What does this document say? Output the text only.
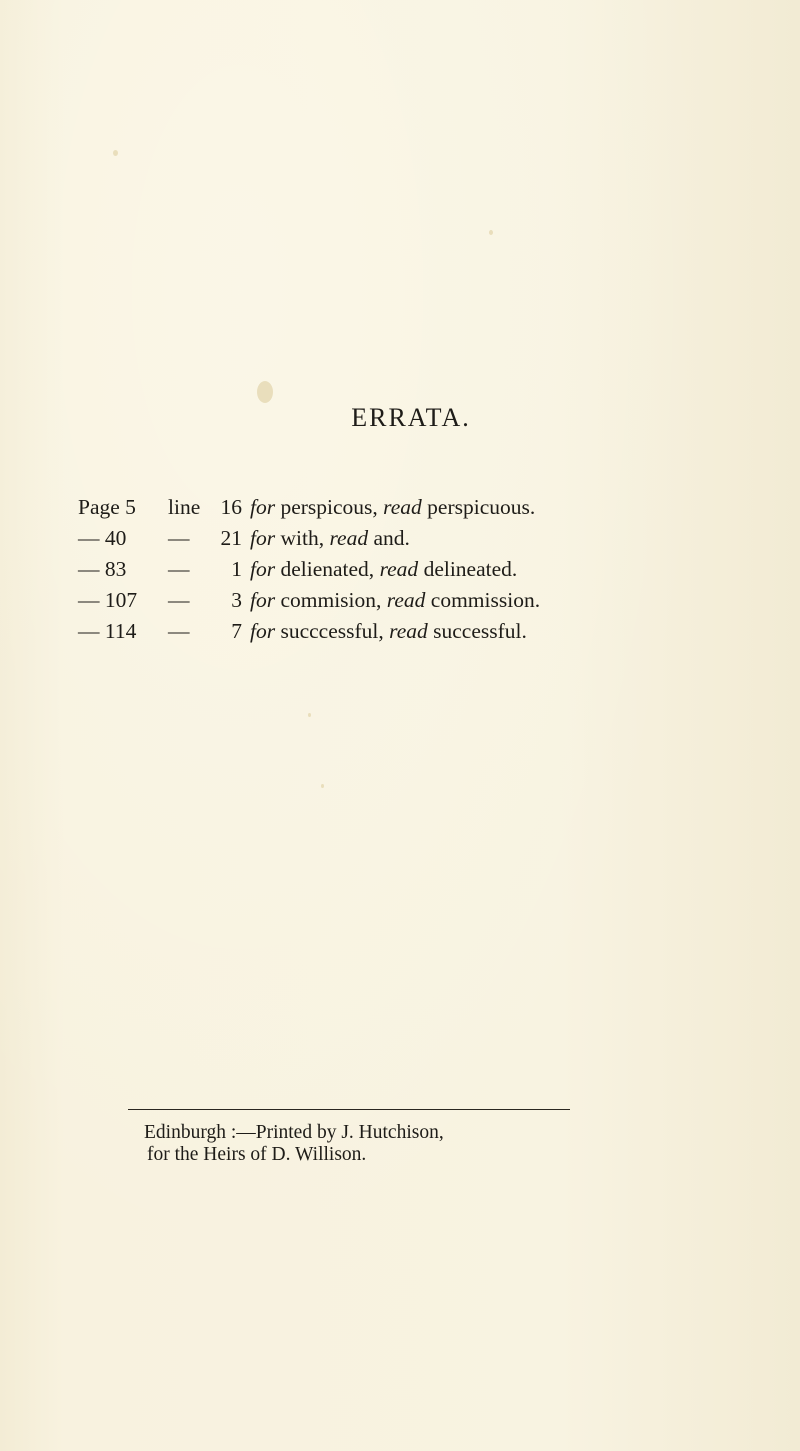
ERRATA.
Page 5	line 16 for perspicous, read perspicuous.
— 40	—	21 for with, read and.
— 83	—	1 for delienated, read delineated.
— 107	—	3 for commision, read commission.
— 114	—	7 for succcessful, read successful.
Edinburgh :—Printed by J. Hutchison,
for the Heirs of D. Willison.
